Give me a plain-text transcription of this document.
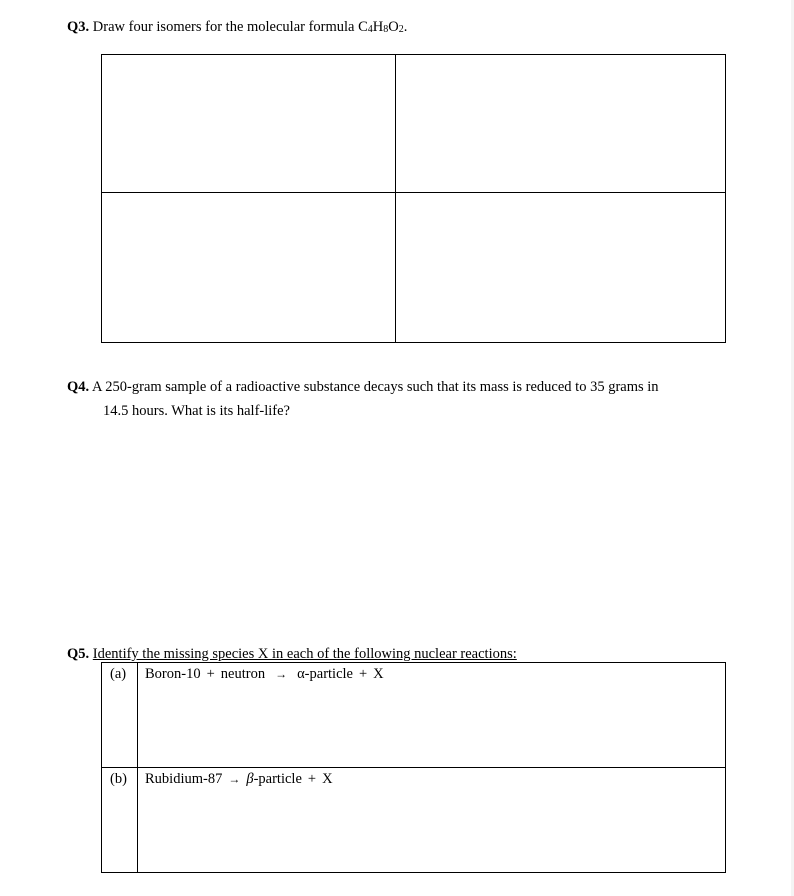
Q3. Draw four isomers for the molecular formula $C_4H_8O_2$.
Q4. A 250-gram sample of a radioactive substance decays such that its mass is reduced to 35 grams in
14.5 hours. What is its half-life?
Q5. Identify the missing species X in each of the following nuclear reactions:
(a) Boron-10 + neutron → α-particle + X
(b) Rubidium-87 → β-particle + X
